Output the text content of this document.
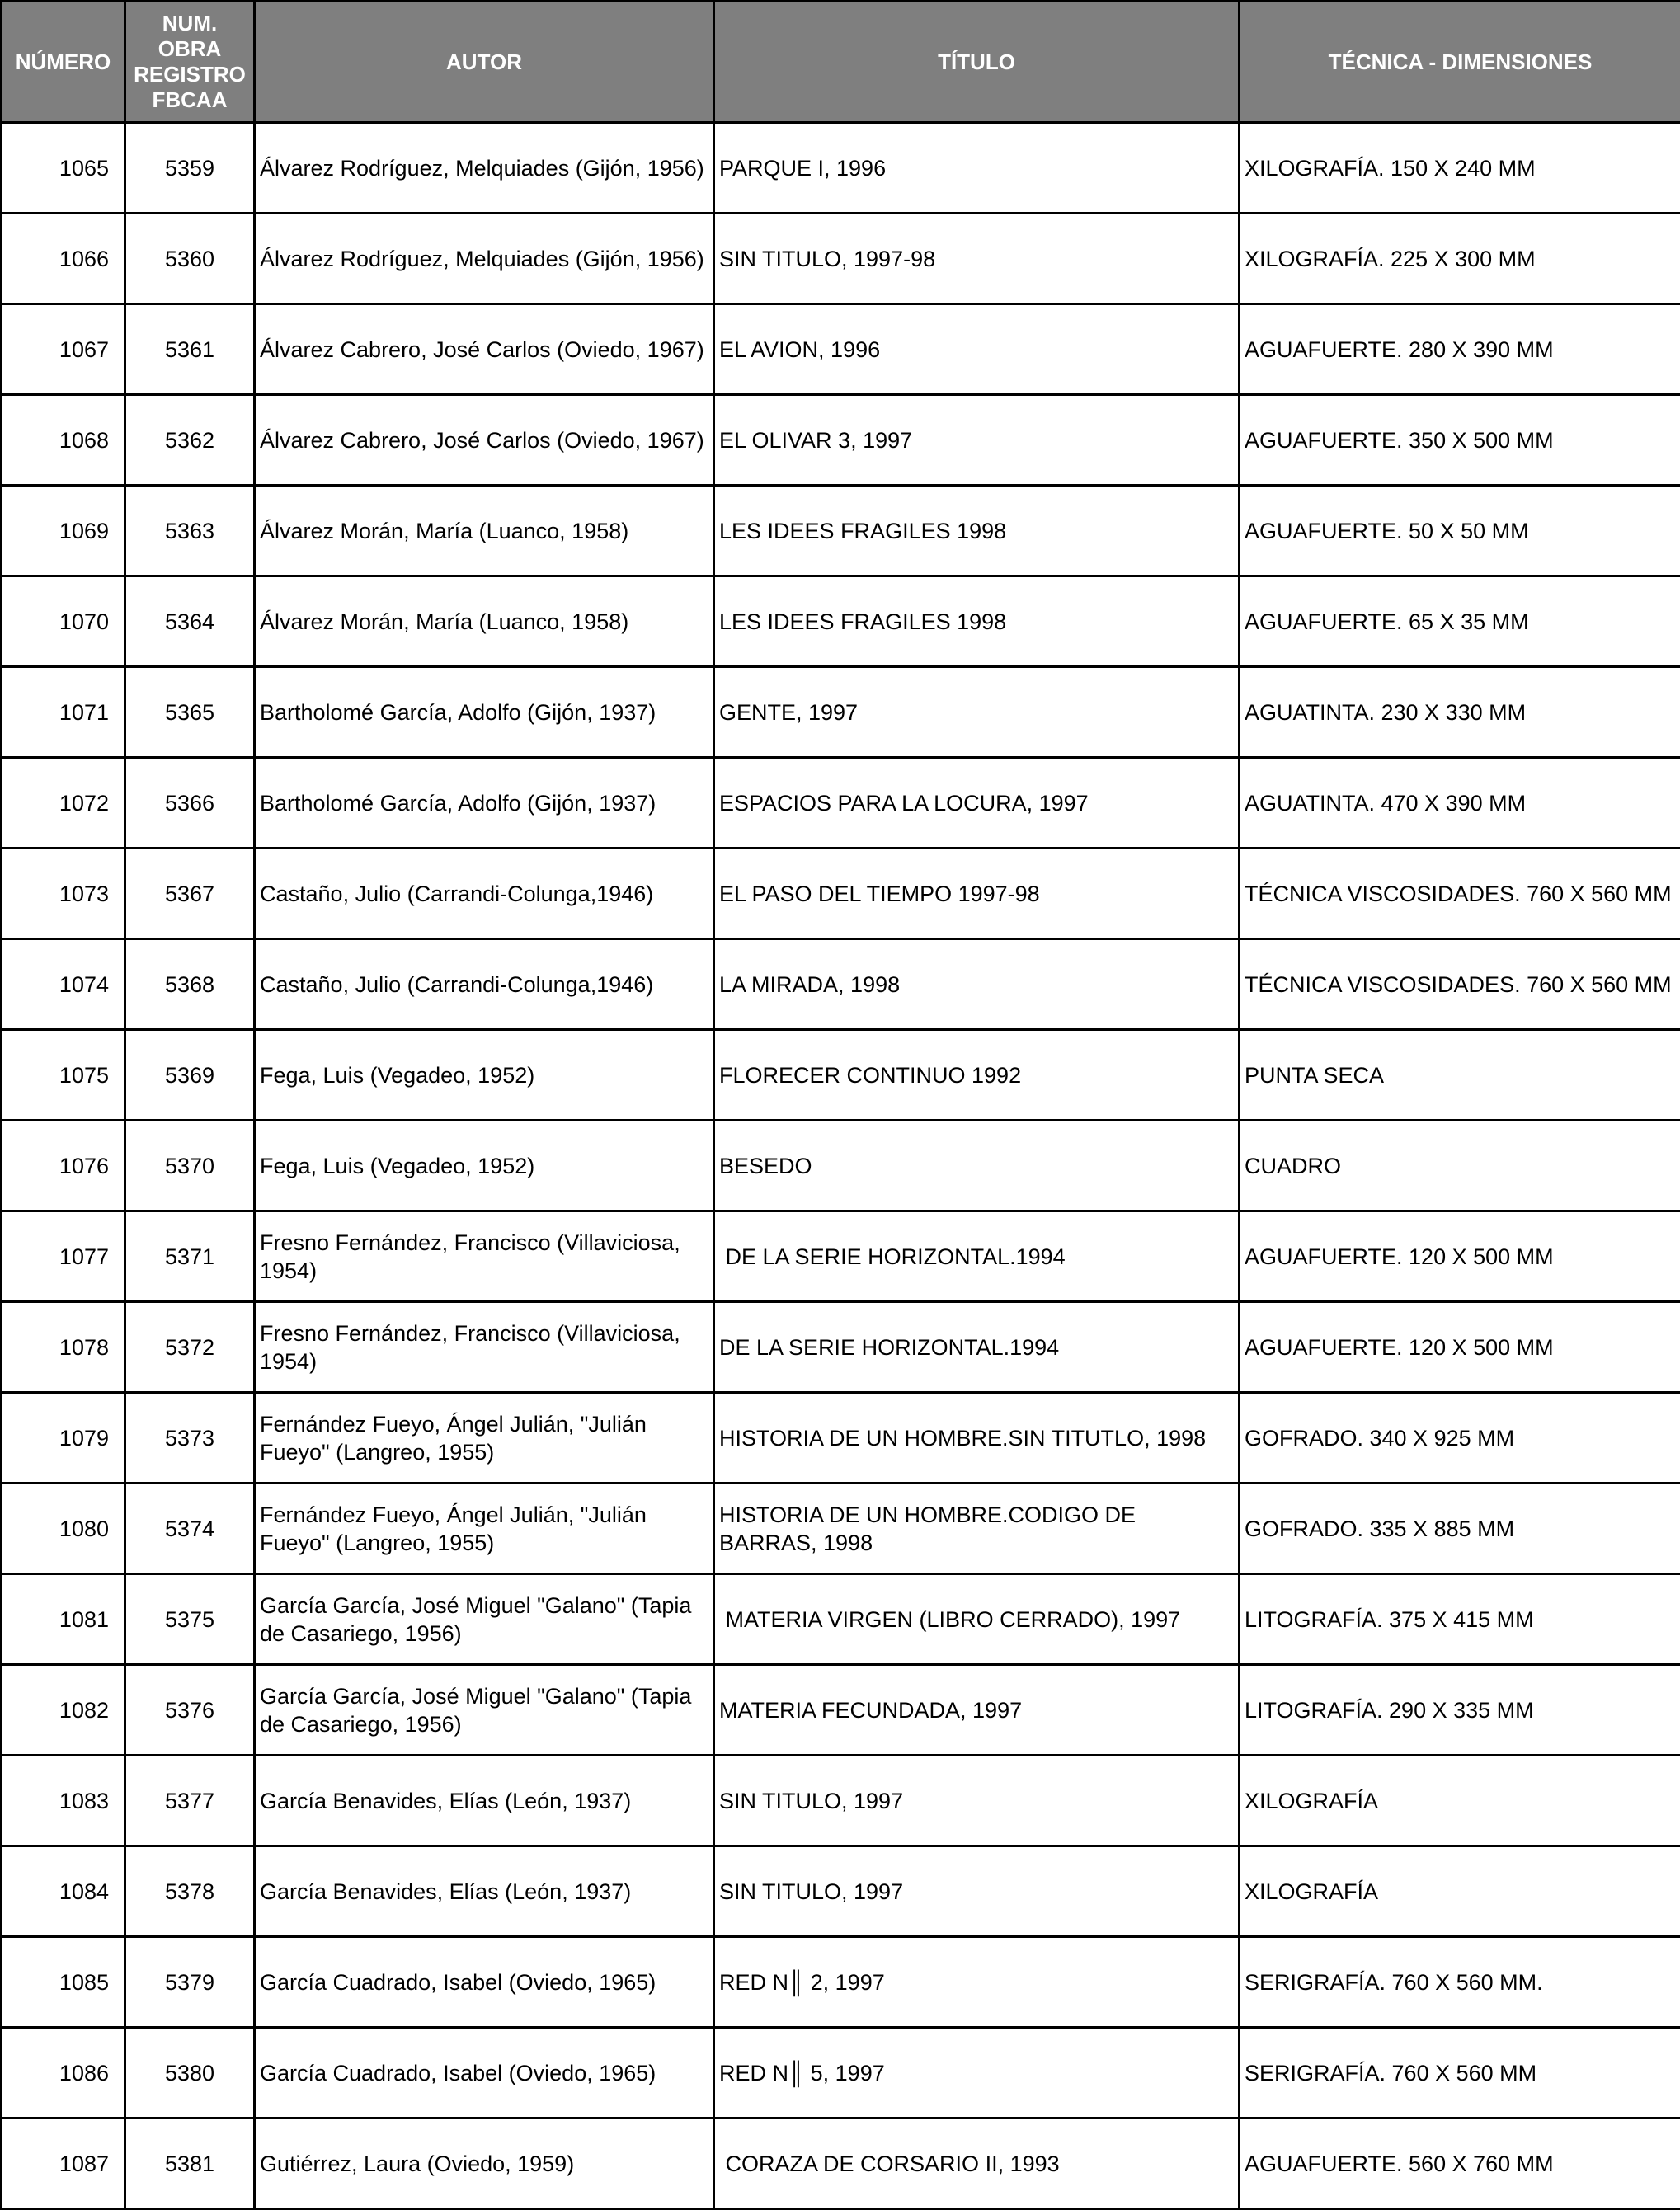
NÚMERO	NUM. OBRA REGISTRO FBCAA	AUTOR	TÍTULO	TÉCNICA - DIMENSIONES
1065	5359	Álvarez Rodríguez, Melquiades (Gijón, 1956)	PARQUE I, 1996	XILOGRAFÍA. 150 X 240 MM
1066	5360	Álvarez Rodríguez, Melquiades (Gijón, 1956)	SIN TITULO, 1997-98	XILOGRAFÍA. 225 X 300 MM
1067	5361	Álvarez Cabrero, José Carlos (Oviedo, 1967)	EL AVION, 1996	AGUAFUERTE. 280 X 390 MM
1068	5362	Álvarez Cabrero, José Carlos (Oviedo, 1967)	EL OLIVAR 3, 1997	AGUAFUERTE. 350 X 500 MM
1069	5363	Álvarez Morán, María (Luanco, 1958)	LES IDEES FRAGILES 1998	AGUAFUERTE. 50 X 50 MM
1070	5364	Álvarez Morán, María (Luanco, 1958)	LES IDEES FRAGILES 1998	AGUAFUERTE. 65 X 35 MM
1071	5365	Bartholomé García, Adolfo (Gijón, 1937)	GENTE, 1997	AGUATINTA. 230 X 330 MM
1072	5366	Bartholomé García, Adolfo (Gijón, 1937)	ESPACIOS PARA LA LOCURA, 1997	AGUATINTA. 470 X 390 MM
1073	5367	Castaño, Julio (Carrandi-Colunga,1946)	EL PASO DEL TIEMPO 1997-98	TÉCNICA VISCOSIDADES. 760 X 560 MM
1074	5368	Castaño, Julio (Carrandi-Colunga,1946)	LA MIRADA, 1998	TÉCNICA VISCOSIDADES. 760 X 560 MM
1075	5369	Fega, Luis (Vegadeo, 1952)	FLORECER CONTINUO 1992	PUNTA SECA
1076	5370	Fega, Luis (Vegadeo, 1952)	BESEDO	CUADRO
1077	5371	Fresno Fernández, Francisco (Villaviciosa, 1954)	DE LA SERIE HORIZONTAL.1994	AGUAFUERTE. 120 X 500 MM
1078	5372	Fresno Fernández, Francisco (Villaviciosa, 1954)	DE LA SERIE HORIZONTAL.1994	AGUAFUERTE. 120 X 500 MM
1079	5373	Fernández Fueyo, Ángel Julián, "Julián Fueyo" (Langreo, 1955)	HISTORIA DE UN HOMBRE.SIN TITUTLO, 1998	GOFRADO. 340 X 925 MM
1080	5374	Fernández Fueyo, Ángel Julián, "Julián Fueyo" (Langreo, 1955)	HISTORIA DE UN HOMBRE.CODIGO DE BARRAS, 1998	GOFRADO. 335 X 885 MM
1081	5375	García García, José Miguel "Galano" (Tapia de Casariego, 1956)	MATERIA VIRGEN (LIBRO CERRADO), 1997	LITOGRAFÍA. 375 X 415 MM
1082	5376	García García, José Miguel "Galano" (Tapia de Casariego, 1956)	MATERIA FECUNDADA, 1997	LITOGRAFÍA. 290 X 335 MM
1083	5377	García Benavides, Elías (León, 1937)	SIN TITULO, 1997	XILOGRAFÍA
1084	5378	García Benavides, Elías (León, 1937)	SIN TITULO, 1997	XILOGRAFÍA
1085	5379	García Cuadrado, Isabel (Oviedo, 1965)	RED N║ 2, 1997	SERIGRAFÍA. 760 X 560 MM.
1086	5380	García Cuadrado, Isabel (Oviedo, 1965)	RED N║ 5, 1997	SERIGRAFÍA. 760 X 560 MM
1087	5381	Gutiérrez, Laura (Oviedo, 1959)	CORAZA DE CORSARIO II, 1993	AGUAFUERTE. 560 X 760 MM
